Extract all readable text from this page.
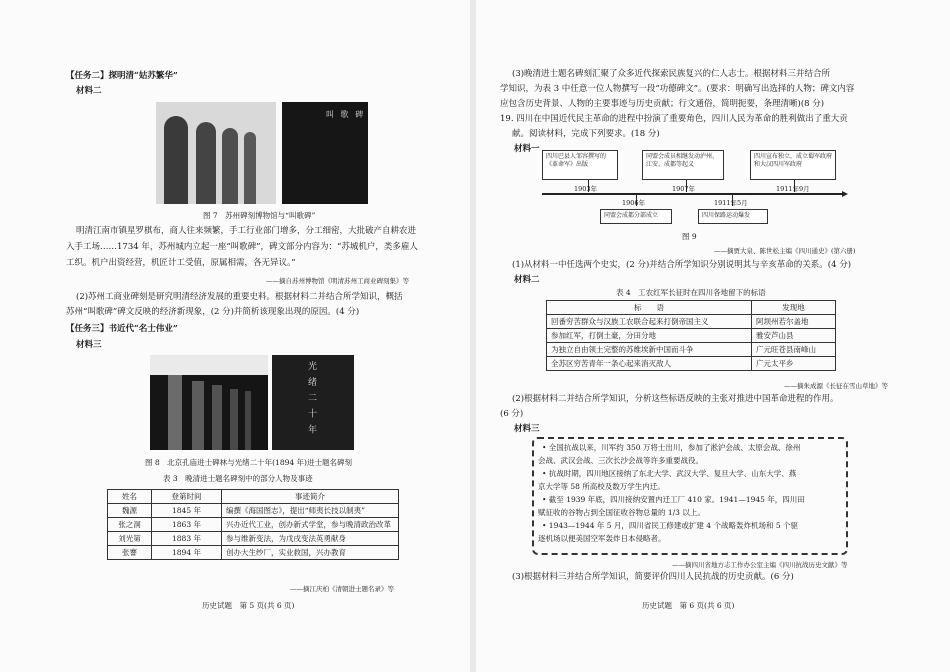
【任务二】探明清“姑苏繁华”
材料二
叫 歌 碑
图 7　苏州碑刻博物馆与“叫歌碑”
明清江南市镇星罗棋布，商人往来频繁，手工行业部门增多，分工细密，大批破产自耕农进
入手工场……1734 年，苏州城内立起一座“叫歌碑”，碑文部分内容为：“苏城机户，类多雇人
工织。机户出资经营，机匠计工受值，原属相需，各无异议。”
——摘自苏州博物馆《明清苏州工商业碑刻集》等
(2)苏州工商业碑刻是研究明清经济发展的重要史料。根据材料二并结合所学知识，概括
苏州“叫歌碑”碑文反映的经济新现象，(2 分)并简析该现象出现的原因。(4 分)
【任务三】书近代“名士伟业”
材料三
光 绪 二 十 年
图 8　北京孔庙进士碑林与光绪二十年(1894 年)进士题名碑刻
表 3　晚清进士题名碑刻中的部分人物及事迹
姓名	登第时间	事迹简介
魏源	1845 年	编撰《海国图志》，提出“师夷长技以制夷”
张之洞	1863 年	兴办近代工业，创办新式学堂，参与晚清政治改革
刘光第	1883 年	参与维新变法，为戊戌变法英勇献身
张謇	1894 年	创办大生纱厂，实业救国，兴办教育
——摘江庆柏《清朝进士题名录》等
历史试题　第 5 页(共 6 页)
(3)晚清进士题名碑刻汇聚了众多近代探索民族复兴的仁人志士。根据材料三并结合所
学知识，为表 3 中任意一位人物撰写一段“功德碑文”。(要求：明确写出选择的人物；碑文内容
应包含历史背景、人物的主要事迹与历史贡献；行文通俗，简明扼要，条理清晰)(8 分)
19. 四川在中国近代民主革命的进程中扮演了重要角色，四川人民为革命的胜利做出了重大贡
献。阅读材料，完成下列要求。(18 分)
材料一
四川巴县人邹容撰写的《革命军》出版
同盟会成员相继发动泸州、江安、成都等起义
四川宣布独立，成立蜀军政府和大汉四川军政府
1903年	1907年	1911年9月
1906年	1911年5月
同盟会成都分部成立	四川保路运动爆发
图 9
——摘贾大泉、陈世松主编《四川通史》(第六册)
(1)从材料一中任选两个史实，(2 分)并结合所学知识分别说明其与辛亥革命的关系。(4 分)
材料二
表 4　工农红军长征时在四川各地留下的标语
标　　语	发现地
回番穷苦群众与汉族工农联合起来打倒帝国主义	阿坝州若尔盖地
参加红军，打倒土豪，分田分地	雅安芦山县
为独立自由领土完整的苏维埃新中国而斗争	广元旺苍县南峰山
全苏区穷苦青年一条心起来消灭敌人	广元太平乡
——摘朱成源《长征在雪山草地》等
(2)根据材料二并结合所学知识，分析这些标语反映的主张对推进中国革命进程的作用。
(6 分)
材料三
• 全国抗战以来，川军约 350 万将士出川，参加了淞沪会战、太原会战、徐州
会战、武汉会战、三次长沙会战等许多重要战役。
• 抗战时期，四川地区接纳了东北大学、武汉大学、复旦大学、山东大学、燕
京大学等 58 所高校及数万学生内迁。
• 截至 1939 年底，四川接纳安置内迁工厂 410 家。1941—1945 年，四川田
赋征收的谷物占到全国征收谷物总量的 1/3 以上。
• 1943—1944 年 5 月，四川省民工修建或扩建 4 个战略轰炸机场和 5 个驱
逐机场以便美国空军轰炸日本侵略者。
——摘四川省地方志工作办公室主编《四川抗战历史文献》等
(3)根据材料三并结合所学知识，简要评价四川人民抗战的历史贡献。(6 分)
历史试题　第 6 页(共 6 页)
